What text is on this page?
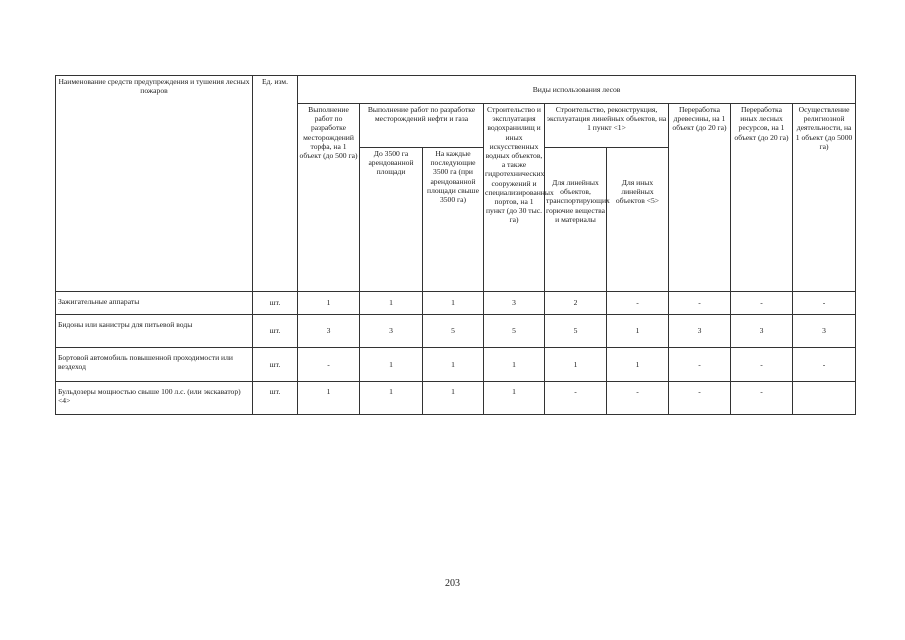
Наименование средств предупреждения и тушения лесных пожаров	Ед. изм.	Виды использования лесов								
		Выполнение работ по разработке месторождений торфа, на 1 объект (до 500 га)	Выполнение работ по разработке месторождений нефти и газа		Строительство и эксплуатация водохранилищ и иных искусственных водных объектов, а также гидротехнических сооружений и специализированных портов, на 1 пункт (до 30 тыс. га)	Строительство, реконструкция, эксплуатация линейных объектов, на 1 пункт <1>		Переработка древесины, на 1 объект (до 20 га)	Переработка иных лесных ресурсов, на 1 объект (до 20 га)	Осуществление религиозной деятельности, на 1 объект (до 5000 га)
			До 3500 га арендованной площади	На каждые последующие 3500 га (при арендованной площади свыше 3500 га)		Для линейных объектов, транспортирующих горючие вещества и материалы	Для иных линейных объектов <5>			
Зажигательные аппараты	шт.	1	1	1	3	2	-	-	-	-
Бидоны или канистры для питьевой воды	шт.	3	3	5	5	5	1	3	3	3
Бортовой автомобиль повышенной проходимости или вездеход	шт.	-	1	1	1	1	1	-	-	-
Бульдозеры мощностью свыше 100 л.с. (или экскаватор) <4>	шт.	1	1	1	1	-	-	-	-	
203
